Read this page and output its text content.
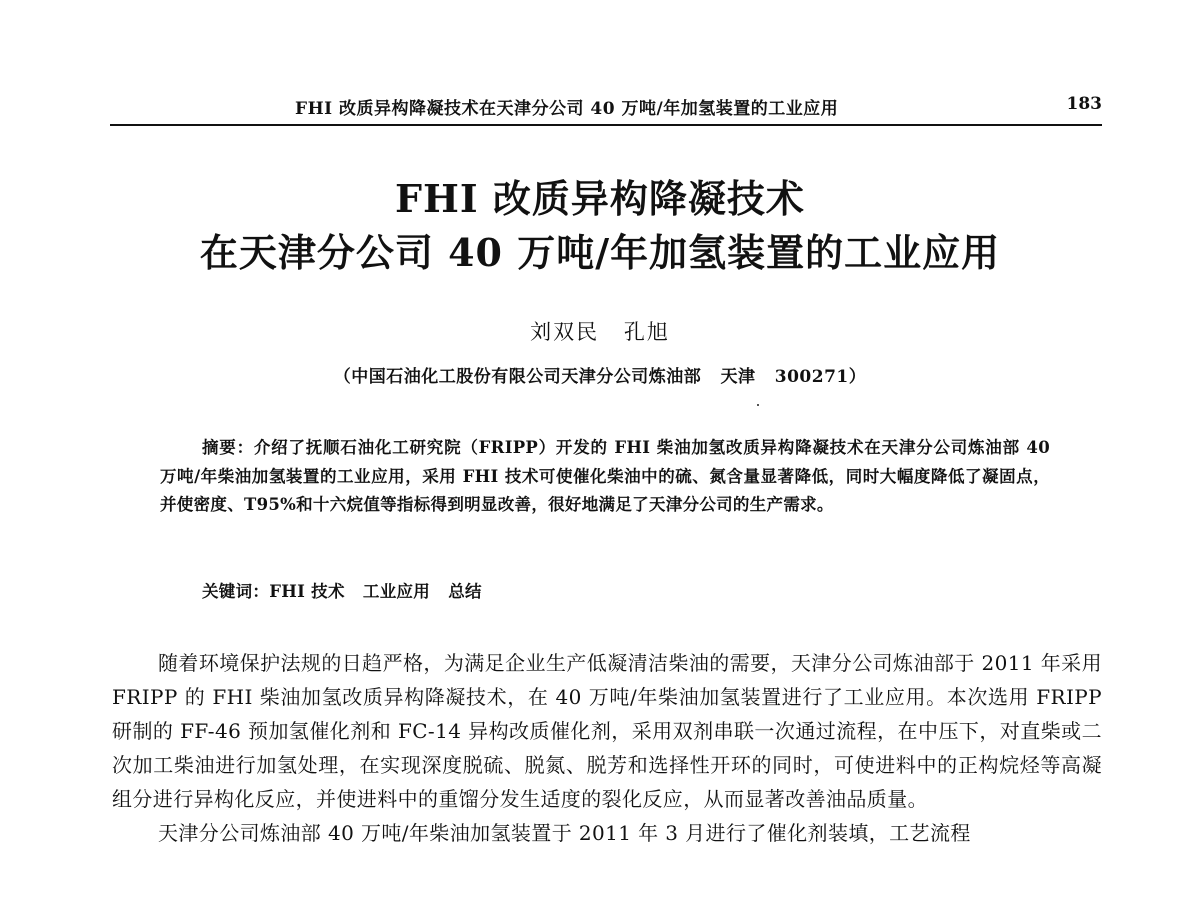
FHI 改质异构降凝技术在天津分公司 40 万吨/年加氢装置的工业应用	183
FHI 改质异构降凝技术
在天津分公司 40 万吨/年加氢装置的工业应用
刘双民 孔旭
（中国石油化工股份有限公司天津分公司炼油部   天津   300271）
摘要：介绍了抚顺石油化工研究院（FRIPP）开发的 FHI 柴油加氢改质异构降凝技术在天津分公司炼油部 40 万吨/年柴油加氢装置的工业应用，采用 FHI 技术可使催化柴油中的硫、氮含量显著降低，同时大幅度降低了凝固点，并使密度、T95%和十六烷值等指标得到明显改善，很好地满足了天津分公司的生产需求。
关键词：FHI 技术   工业应用   总结

随着环境保护法规的日趋严格，为满足企业生产低凝清洁柴油的需要，天津分公司炼油部于 2011 年采用 FRIPP 的 FHI 柴油加氢改质异构降凝技术，在 40 万吨/年柴油加氢装置进行了工业应用。本次选用 FRIPP 研制的 FF-46 预加氢催化剂和 FC-14 异构改质催化剂，采用双剂串联一次通过流程，在中压下，对直柴或二次加工柴油进行加氢处理，在实现深度脱硫、脱氮、脱芳和选择性开环的同时，可使进料中的正构烷烃等高凝组分进行异构化反应，并使进料中的重馏分发生适度的裂化反应，从而显著改善油品质量。

天津分公司炼油部 40 万吨/年柴油加氢装置于 2011 年 3 月进行了催化剂装填，工艺流程
